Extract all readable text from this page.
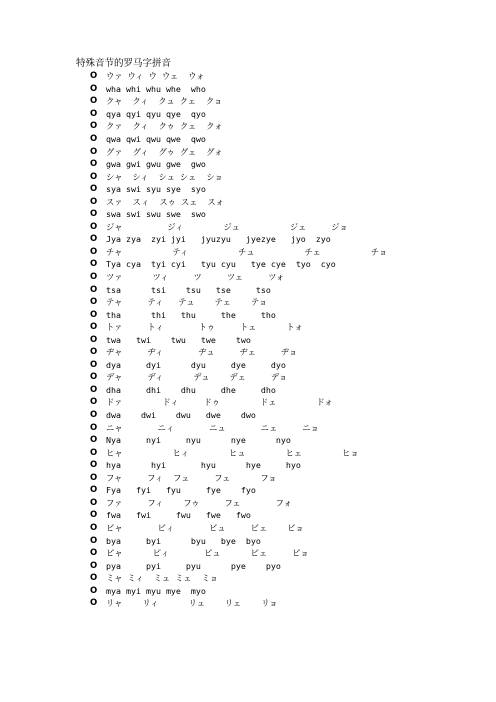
特殊音节的罗马字拼音
O	ウァ ウィ ウ ウェ  ウォ
O	wha whi whu whe  who
O	クャ  クィ  クュ クェ  クョ
O	qya qyi qyu qye  qyo
O	クァ  クィ  クゥ クェ  クォ
O	qwa qwi qwu qwe  qwo
O	グァ  グィ  グゥ グェ  グォ
O	gwa gwi gwu gwe  gwo
O	シャ  シィ  シュ シェ  ショ
O	sya swi syu sye  syo
O	スァ  スィ  スゥ スェ  スォ
O	swa swi swu swe  swo
O	ジャ         ジィ        ジュ          ジェ     ジョ
O	Jya zya  zyi jyi   jyuzyu   jyezye   jyo  zyo
O	チャ          ティ          チュ          チェ          チョ
O	Tya cya  tyi cyi   tyu cyu   tye cye  tyo  cyo
O	ツァ      ツィ     ツ     ツェ     ツォ
O	tsa      tsi    tsu   tse     tso
O	テャ     ティ   テュ    テェ    テョ
O	tha      thi   thu     the     tho
O	トァ     トィ       トゥ     トェ      トォ
O	twa   twi    twu   twe    two
O	ヂャ     ヂィ       ヂュ     ヂェ     ヂョ
O	dya     dyi      dyu     dye     dyo
O	デャ     ディ      デュ    デェ     デョ
O	dha     dhi    dhu     dhe     dho
O	ドァ        ドィ     ドゥ        ドェ        ドォ
O	dwa    dwi    dwu   dwe    dwo
O	ニャ       ニィ       ニュ       ニェ     ニョ
O	Nya     nyi     nyu      nye      nyo
O	ヒャ          ヒィ        ヒュ        ヒェ        ヒョ
O	hya      hyi       hyu      hye     hyo
O	フャ     フィ  フュ     フェ      フョ
O	Fya   fyi   fyu     fye    fyo
O	ファ     フィ    フゥ     フェ       フォ
O	fwa   fwi     fwu   fwe   fwo
O	ビャ       ビィ       ビュ     ビェ    ビョ
O	bya     byi      byu   bye  byo
O	ピャ      ピィ       ピュ      ピェ     ピョ
O	pya     pyi     pyu      pye    pyo
O	ミャ ミィ  ミュ ミェ  ミョ
O	mya myi myu mye  myo
O	リャ    リィ      リュ    リェ    リョ
